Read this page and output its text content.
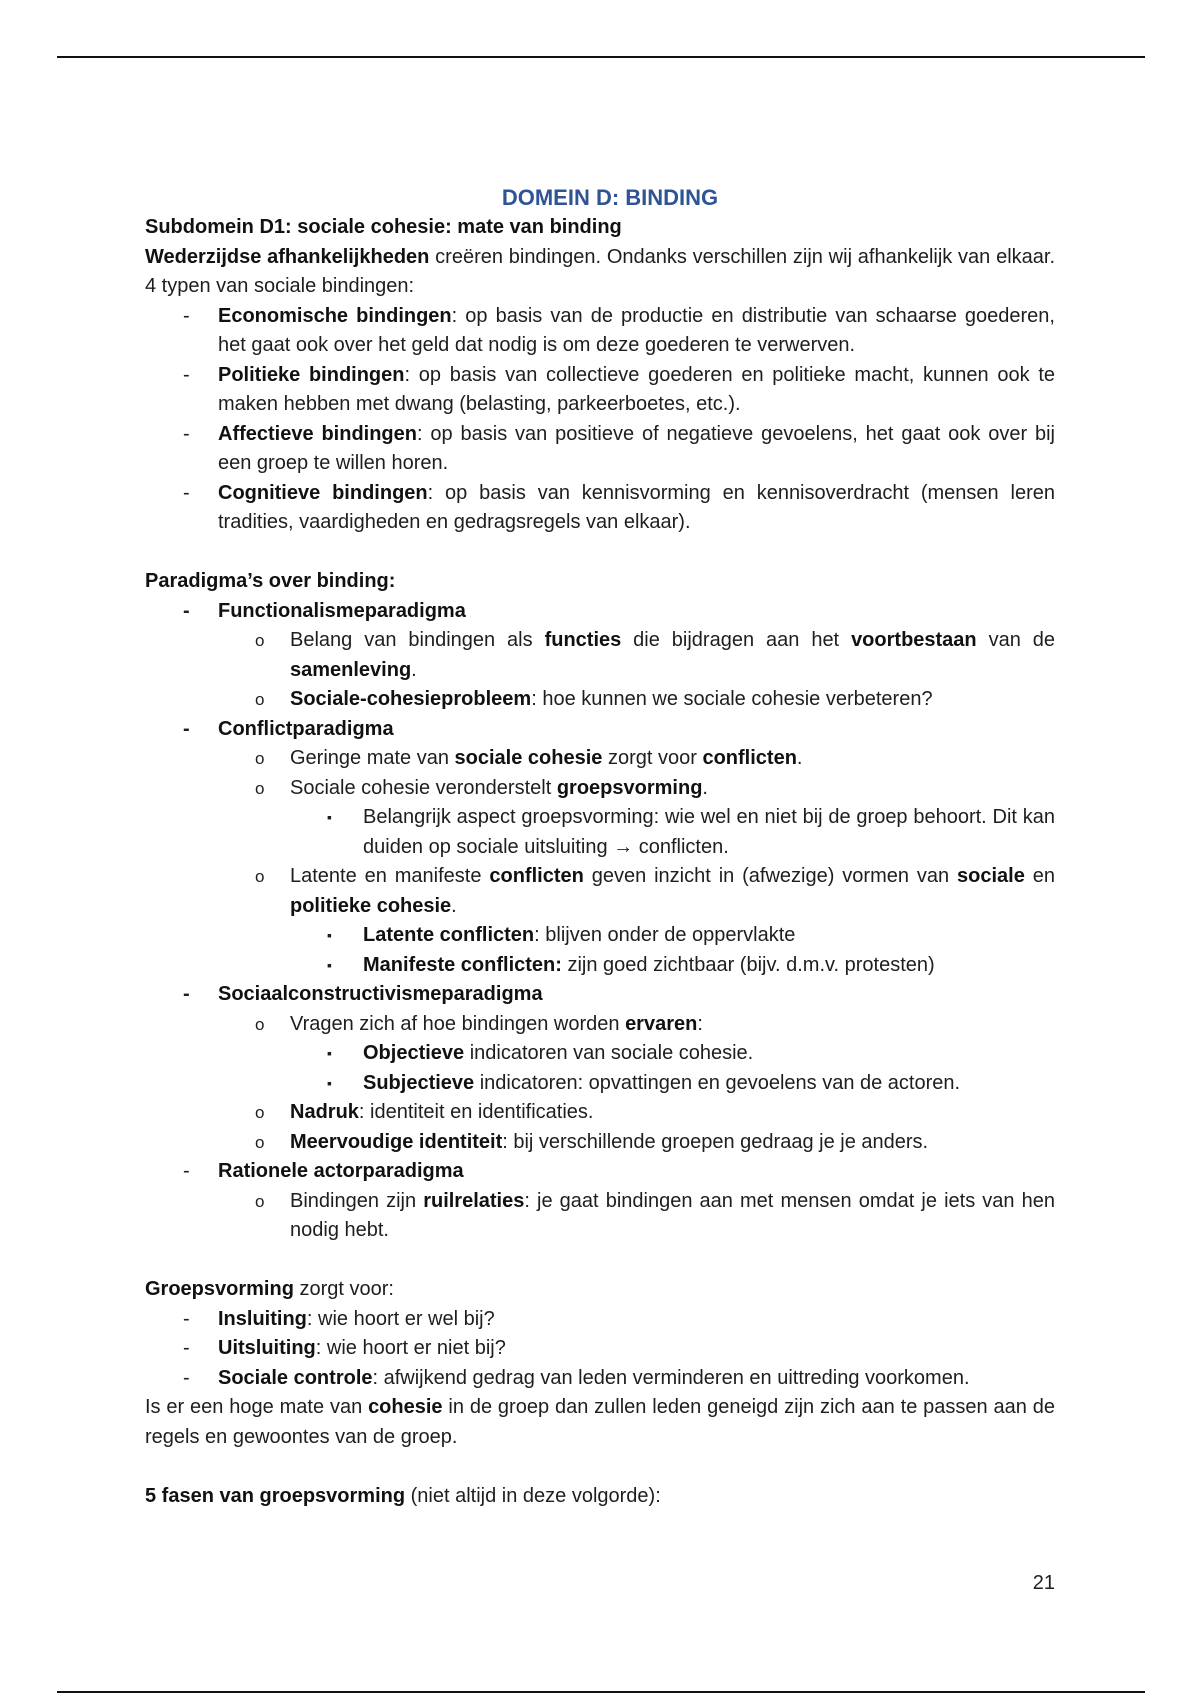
DOMEIN D: BINDING

Subdomein D1: sociale cohesie: mate van binding

Wederzijdse afhankelijkheden creëren bindingen. Ondanks verschillen zijn wij afhankelijk van elkaar. 4 typen van sociale bindingen:

- Economische bindingen: op basis van de productie en distributie van schaarse goederen, het gaat ook over het geld dat nodig is om deze goederen te verwerven.
- Politieke bindingen: op basis van collectieve goederen en politieke macht, kunnen ook te maken hebben met dwang (belasting, parkeerboetes, etc.).
- Affectieve bindingen: op basis van positieve of negatieve gevoelens, het gaat ook over bij een groep te willen horen.
- Cognitieve bindingen: op basis van kennisvorming en kennisoverdracht (mensen leren tradities, vaardigheden en gedragsregels van elkaar).

Paradigma’s over binding:

- Functionalismeparadigma
o Belang van bindingen als functies die bijdragen aan het voortbestaan van de samenleving.
o Sociale-cohesieprobleem: hoe kunnen we sociale cohesie verbeteren?
- Conflictparadigma
o Geringe mate van sociale cohesie zorgt voor conflicten.
o Sociale cohesie veronderstelt groepsvorming.
▪ Belangrijk aspect groepsvorming: wie wel en niet bij de groep behoort. Dit kan duiden op sociale uitsluiting → conflicten.
o Latente en manifeste conflicten geven inzicht in (afwezige) vormen van sociale en politieke cohesie.
▪ Latente conflicten: blijven onder de oppervlakte
▪ Manifeste conflicten: zijn goed zichtbaar (bijv. d.m.v. protesten)
- Sociaalconstructivismeparadigma
o Vragen zich af hoe bindingen worden ervaren:
▪ Objectieve indicatoren van sociale cohesie.
▪ Subjectieve indicatoren: opvattingen en gevoelens van de actoren.
o Nadruk: identiteit en identificaties.
o Meervoudige identiteit: bij verschillende groepen gedraag je je anders.
- Rationele actorparadigma
o Bindingen zijn ruilrelaties: je gaat bindingen aan met mensen omdat je iets van hen nodig hebt.

Groepsvorming zorgt voor:

- Insluiting: wie hoort er wel bij?
- Uitsluiting: wie hoort er niet bij?
- Sociale controle: afwijkend gedrag van leden verminderen en uittreding voorkomen.

Is er een hoge mate van cohesie in de groep dan zullen leden geneigd zijn zich aan te passen aan de regels en gewoontes van de groep.

5 fasen van groepsvorming (niet altijd in deze volgorde):

21
